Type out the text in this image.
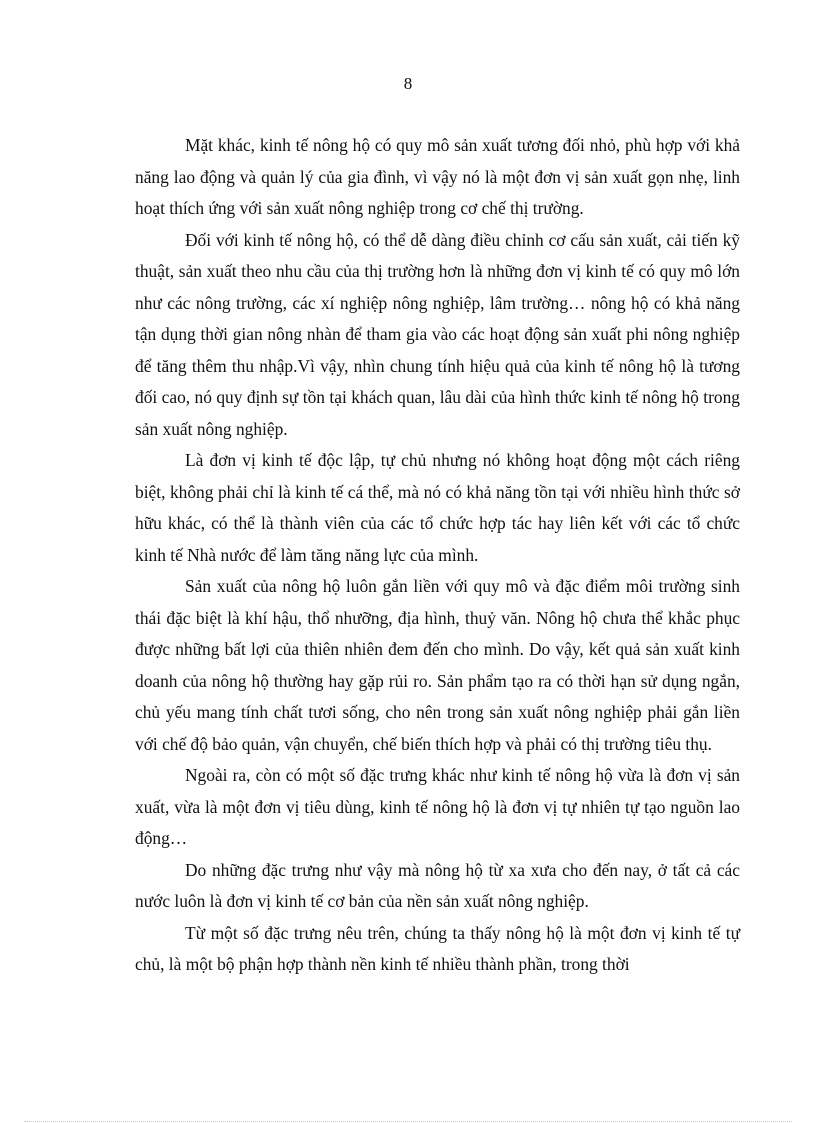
8

Mặt khác, kinh tế nông hộ có quy mô sản xuất tương đối nhỏ, phù hợp với khả năng lao động và quản lý của gia đình, vì vậy nó là một đơn vị sản xuất gọn nhẹ, linh hoạt thích ứng với sản xuất nông nghiệp trong cơ chế thị trường.

Đối với kinh tế nông hộ, có thể dễ dàng điều chỉnh cơ cấu sản xuất, cải tiến kỹ thuật, sản xuất theo nhu cầu của thị trường hơn là những đơn vị kinh tế có quy mô lớn như các nông trường, các xí nghiệp nông nghiệp, lâm trường… nông hộ có khả năng tận dụng thời gian nông nhàn để tham gia vào các hoạt động sản xuất phi nông nghiệp để tăng thêm thu nhập.Vì vậy, nhìn chung tính hiệu quả của kinh tế nông hộ là tương đối cao, nó quy định sự tồn tại khách quan, lâu dài của hình thức kinh tế nông hộ trong sản xuất nông nghiệp.

Là đơn vị kinh tế độc lập, tự chủ nhưng nó không hoạt động một cách riêng biệt, không phải chỉ là kinh tế cá thể, mà nó có khả năng tồn tại với nhiều hình thức sở hữu khác, có thể là thành viên của các tổ chức hợp tác hay liên kết với các tổ chức kinh tế Nhà nước để làm tăng năng lực của mình.

Sản xuất của nông hộ luôn gắn liền với quy mô và đặc điểm môi trường sinh thái đặc biệt là khí hậu, thổ nhưỡng, địa hình, thuỷ văn. Nông hộ chưa thể khắc phục được những bất lợi của thiên nhiên đem đến cho mình. Do vậy, kết quả sản xuất kinh doanh của nông hộ thường hay gặp rủi ro. Sản phẩm tạo ra có thời hạn sử dụng ngắn, chủ yếu mang tính chất tươi sống, cho nên trong sản xuất nông nghiệp phải gắn liền với chế độ bảo quản, vận chuyển, chế biến thích hợp và phải có thị trường tiêu thụ.

Ngoài ra, còn có một số đặc trưng khác như kinh tế nông hộ vừa là đơn vị sản xuất, vừa là một đơn vị tiêu dùng, kinh tế nông hộ là đơn vị tự nhiên tự tạo nguồn lao động…

Do những đặc trưng như vậy mà nông hộ từ xa xưa cho đến nay, ở tất cả các nước luôn là đơn vị kinh tế cơ bản của nền sản xuất nông nghiệp.

Từ một số đặc trưng nêu trên, chúng ta thấy nông hộ là một đơn vị kinh tế tự chủ, là một bộ phận hợp thành nền kinh tế nhiều thành phần, trong thời
